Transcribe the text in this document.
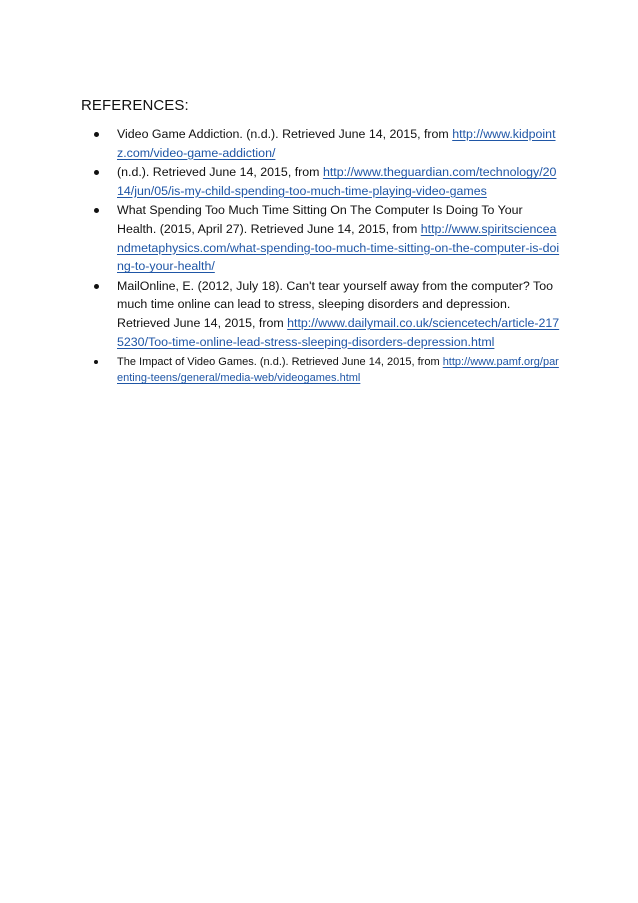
REFERENCES:
Video Game Addiction. (n.d.). Retrieved June 14, 2015, from http://www.kidpointz.com/video-game-addiction/
(n.d.). Retrieved June 14, 2015, from http://www.theguardian.com/technology/2014/jun/05/is-my-child-spending-too-much-time-playing-video-games
What Spending Too Much Time Sitting On The Computer Is Doing To Your Health. (2015, April 27). Retrieved June 14, 2015, from http://www.spiritscienceandmetaphysics.com/what-spending-too-much-time-sitting-on-the-computer-is-doing-to-your-health/
MailOnline, E. (2012, July 18). Can't tear yourself away from the computer? Too much time online can lead to stress, sleeping disorders and depression. Retrieved June 14, 2015, from http://www.dailymail.co.uk/sciencetech/article-2175230/Too-time-online-lead-stress-sleeping-disorders-depression.html
The Impact of Video Games. (n.d.). Retrieved June 14, 2015, from http://www.pamf.org/parenting-teens/general/media-web/videogames.html
